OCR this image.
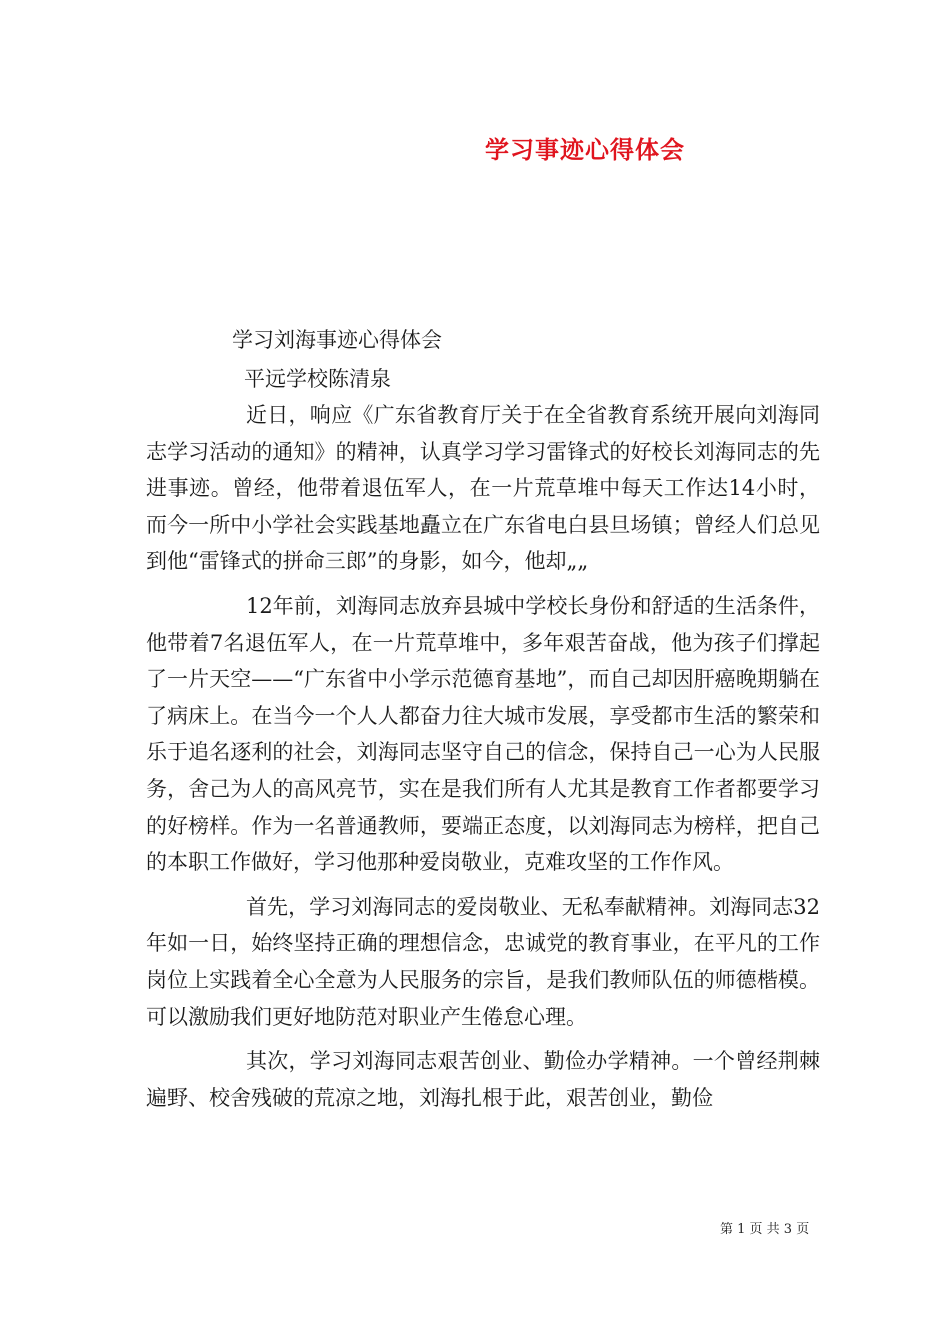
学习事迹心得体会
学习刘海事迹心得体会
平远学校陈清泉

近日，响应《广东省教育厅关于在全省教育系统开展向刘海同志学习活动的通知》的精神，认真学习学习雷锋式的好校长刘海同志的先进事迹。曾经，他带着退伍军人，在一片荒草堆中每天工作达14小时，而今一所中小学社会实践基地矗立在广东省电白县旦场镇；曾经人们总见到他“雷锋式的拼命三郎”的身影，如今，他却„„

12年前，刘海同志放弃县城中学校长身份和舒适的生活条件，他带着7名退伍军人，在一片荒草堆中，多年艰苦奋战，他为孩子们撑起了一片天空——“广东省中小学示范德育基地”，而自己却因肝癌晚期躺在了病床上。在当今一个人人都奋力往大城市发展，享受都市生活的繁荣和乐于追名逐利的社会，刘海同志坚守自己的信念，保持自己一心为人民服务，舍己为人的高风亮节，实在是我们所有人尤其是教育工作者都要学习的好榜样。作为一名普通教师，要端正态度，以刘海同志为榜样，把自己的本职工作做好，学习他那种爱岗敬业，克难攻坚的工作作风。

首先，学习刘海同志的爱岗敬业、无私奉献精神。刘海同志32年如一日，始终坚持正确的理想信念，忠诚党的教育事业，在平凡的工作岗位上实践着全心全意为人民服务的宗旨，是我们教师队伍的师德楷模。可以激励我们更好地防范对职业产生倦怠心理。

其次，学习刘海同志艰苦创业、勤俭办学精神。一个曾经荆棘遍野、校舍残破的荒凉之地，刘海扎根于此，艰苦创业，勤俭

第 1 页 共 3 页
